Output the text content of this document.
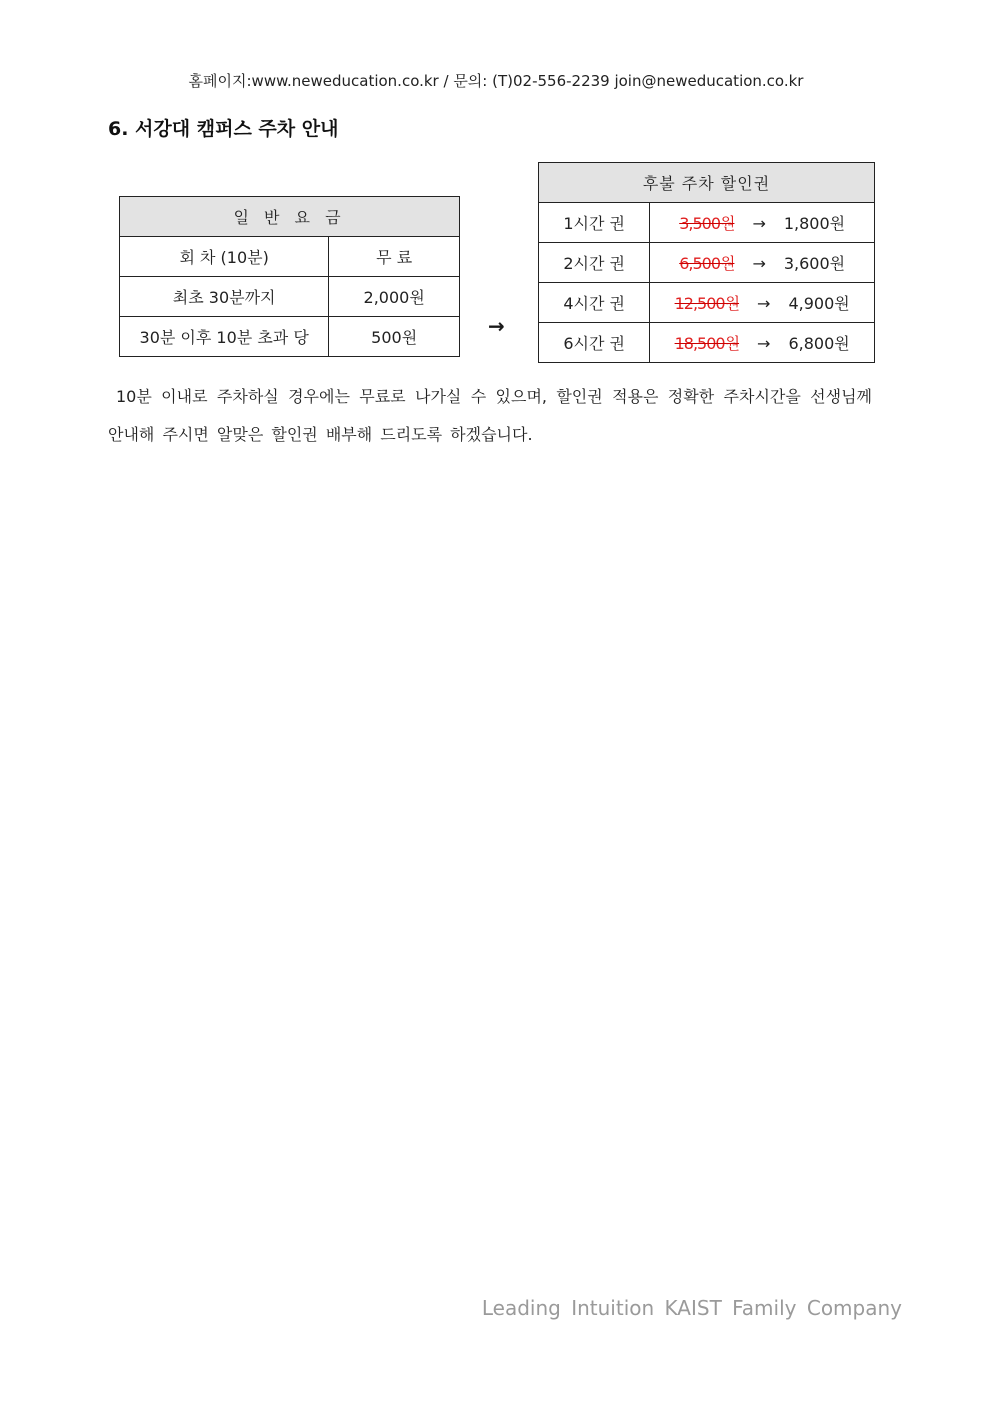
홈페이지:www.neweducation.co.kr / 문의: (T)02-556-2239 join@neweducation.co.kr
6. 서강대 캠퍼스 주차 안내
일 반 요 금	
회 차 (10분)	무 료
최초 30분까지	2,000원
30분 이후 10분 초과 당	500원	→
후불 주차 할인권	
1시간 권	3,500원 → 1,800원
2시간 권	6,500원 → 3,600원
4시간 권	12,500원 → 4,900원
6시간 권	18,500원 → 6,800원
10분 이내로 주차하실 경우에는 무료로 나가실 수 있으며, 할인권 적용은 정확한 주차시간을 선생님께 안내해 주시면 알맞은 할인권 배부해 드리도록 하겠습니다.
Leading Intuition KAIST Family Company
